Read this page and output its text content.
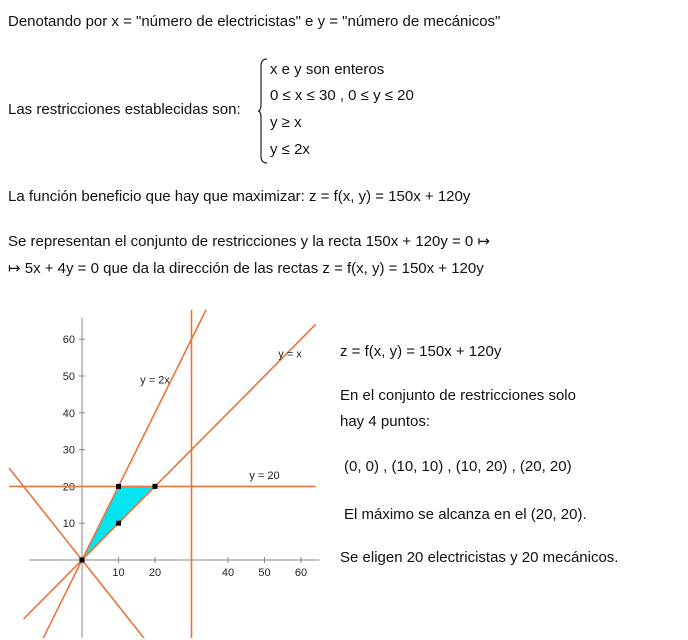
Denotando por x = "número de electricistas" e y = "número de mecánicos"
Las restricciones establecidas son:
x e y son enteros
0 ≤ x ≤ 30 , 0 ≤ y ≤ 20
y ≥ x
y ≤ 2x
La función beneficio que hay que maximizar: z = f(x, y) = 150x + 120y
Se representan el conjunto de restricciones y la recta 150x + 120y = 0 ↦
↦ 5x + 4y = 0 que da la dirección de las rectas z = f(x, y) = 150x + 120y
z = f(x, y) = 150x + 120y
En el conjunto de restricciones solo
hay 4 puntos:
(0, 0) , (10, 10) , (10, 20) , (20, 20)
El máximo se alcanza en el (20, 20).
Se eligen 20 electricistas y 20 mecánicos.
10 20	40 50 60
10
20
30
40
50
60
y = 2x
y = x
y = 20
